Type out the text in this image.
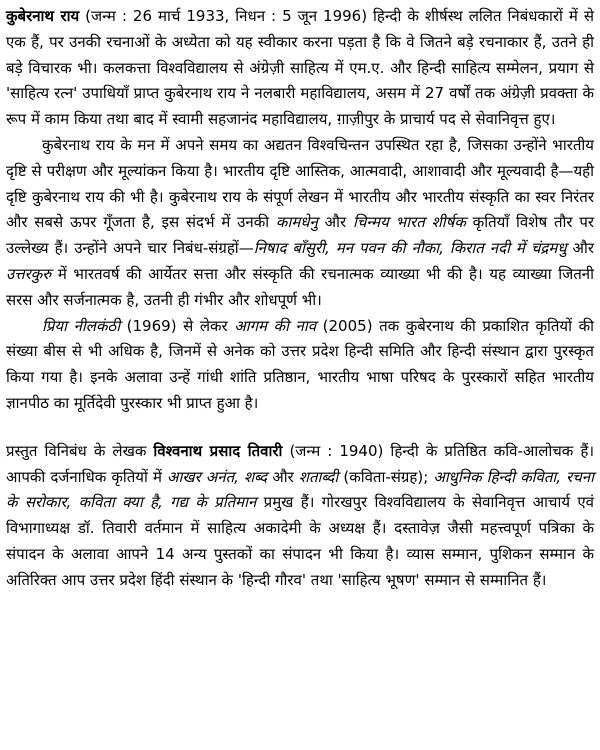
कुबेरनाथ राय (जन्म : 26 मार्च 1933, निधन : 5 जून 1996) हिन्दी के शीर्षस्थ ललित निबंधकारों में से एक हैं, पर उनकी रचनाओं के अध्येता को यह स्वीकार करना पड़ता है कि वे जितने बड़े रचनाकार हैं, उतने ही बड़े विचारक भी। कलकत्ता विश्वविद्यालय से अंग्रेज़ी साहित्य में एम.ए. और हिन्दी साहित्य सम्मेलन, प्रयाग से 'साहित्य रत्न' उपाधियाँ प्राप्त कुबेरनाथ राय ने नलबारी महाविद्यालय, असम में 27 वर्षों तक अंग्रेज़ी प्रवक्ता के रूप में काम किया तथा बाद में स्वामी सहजानंद महाविद्यालय, ग़ाज़ीपुर के प्राचार्य पद से सेवानिवृत्त हुए।

कुबेरनाथ राय के मन में अपने समय का अद्यतन विश्वचिन्तन उपस्थित रहा है, जिसका उन्होंने भारतीय दृष्टि से परीक्षण और मूल्यांकन किया है। भारतीय दृष्टि आस्तिक, आत्मवादी, आशावादी और मूल्यवादी है—यही दृष्टि कुबेरनाथ राय की भी है। कुबेरनाथ राय के संपूर्ण लेखन में भारतीय और भारतीय संस्कृति का स्वर निरंतर और सबसे ऊपर गूँजता है, इस संदर्भ में उनकी कामधेनु और चिन्मय भारत शीर्षक कृतियाँ विशेष तौर पर उल्लेख्य हैं। उन्होंने अपने चार निबंध-संग्रहों—निषाद बाँसुरी, मन पवन की नौका, किरात नदी में चंद्रमधु और उत्तरकुरु में भारतवर्ष की आर्येतर सत्ता और संस्कृति की रचनात्मक व्याख्या भी की है। यह व्याख्या जितनी सरस और सर्जनात्मक है, उतनी ही गंभीर और शोधपूर्ण भी।

प्रिया नीलकंठी (1969) से लेकर आगम की नाव (2005) तक कुबेरनाथ की प्रकाशित कृतियों की संख्या बीस से भी अधिक है, जिनमें से अनेक को उत्तर प्रदेश हिन्दी समिति और हिन्दी संस्थान द्वारा पुरस्कृत किया गया है। इनके अलावा उन्हें गांधी शांति प्रतिष्ठान, भारतीय भाषा परिषद के पुरस्कारों सहित भारतीय ज्ञानपीठ का मूर्तिदेवी पुरस्कार भी प्राप्त हुआ है।

प्रस्तुत विनिबंध के लेखक विश्वनाथ प्रसाद तिवारी (जन्म : 1940) हिन्दी के प्रतिष्ठित कवि-आलोचक हैं। आपकी दर्जनाधिक कृतियों में आखर अनंत, शब्द और शताब्दी (कविता-संग्रह); आधुनिक हिन्दी कविता, रचना के सरोकार, कविता क्या है, गद्य के प्रतिमान प्रमुख हैं। गोरखपुर विश्वविद्यालय के सेवानिवृत्त आचार्य एवं विभागाध्यक्ष डॉ. तिवारी वर्तमान में साहित्य अकादेमी के अध्यक्ष हैं। दस्तावेज़ जैसी महत्त्वपूर्ण पत्रिका के संपादन के अलावा आपने 14 अन्य पुस्तकों का संपादन भी किया है। व्यास सम्मान, पुशिकन सम्मान के अतिरिक्त आप उत्तर प्रदेश हिंदी संस्थान के 'हिन्दी गौरव' तथा 'साहित्य भूषण' सम्मान से सम्मानित हैं।
